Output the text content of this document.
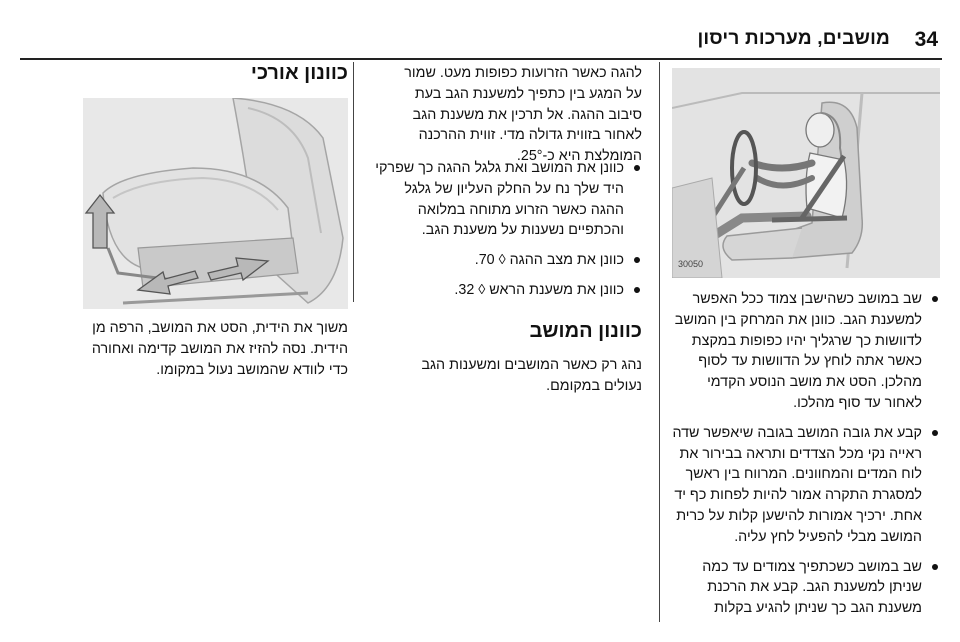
מושבים, מערכות ריסון 34
30050
שב במושב כשהישבן צמוד ככל האפשר למשענת הגב. כוונן את המרחק בין המושב לדוושות כך שרגליך יהיו כפופות במקצת כאשר אתה לוחץ על הדוושות עד לסוף מהלכן. הסט את מושב הנוסע הקדמי לאחור עד סוף מהלכו.
קבע את גובה המושב בגובה שיאפשר שדה ראייה נקי מכל הצדדים ותראה בבירור את לוח המדים והמחוונים. המרווח בין ראשך למסגרת התקרה אמור להיות לפחות כף יד אחת. ירכיך אמורות להישען קלות על כרית המושב מבלי להפעיל לחץ עליה.
שב במושב כשכתפיך צמודים עד כמה שניתן למשענת הגב. קבע את הרכנת משענת הגב כך שניתן להגיע בקלות

להגה כאשר הזרועות כפופות מעט. שמור על המגע בין כתפיך למשענת הגב בעת סיבוב ההגה. אל תרכין את משענת הגב לאחור בזווית גדולה מדי. זווית ההרכנה המומלצת היא כ-25°.

כוונן את המושב ואת גלגל ההגה כך שפרקי היד שלך נח על החלק העליון של גלגל ההגה כאשר הזרוע מתוחה במלואה והכתפיים נשענות על משענת הגב.
כוונן את מצב ההגה ◊ 70.
כוונן את משענת הראש ◊ 32.
כוונון המושב

נהג רק כאשר המושבים ומשענות הגב נעולים במקומם.

כוונון אורכי

משוך את הידית, הסט את המושב, הרפה מן הידית. נסה להזיז את המושב קדימה ואחורה כדי לוודא שהמושב נעול במקומו.
